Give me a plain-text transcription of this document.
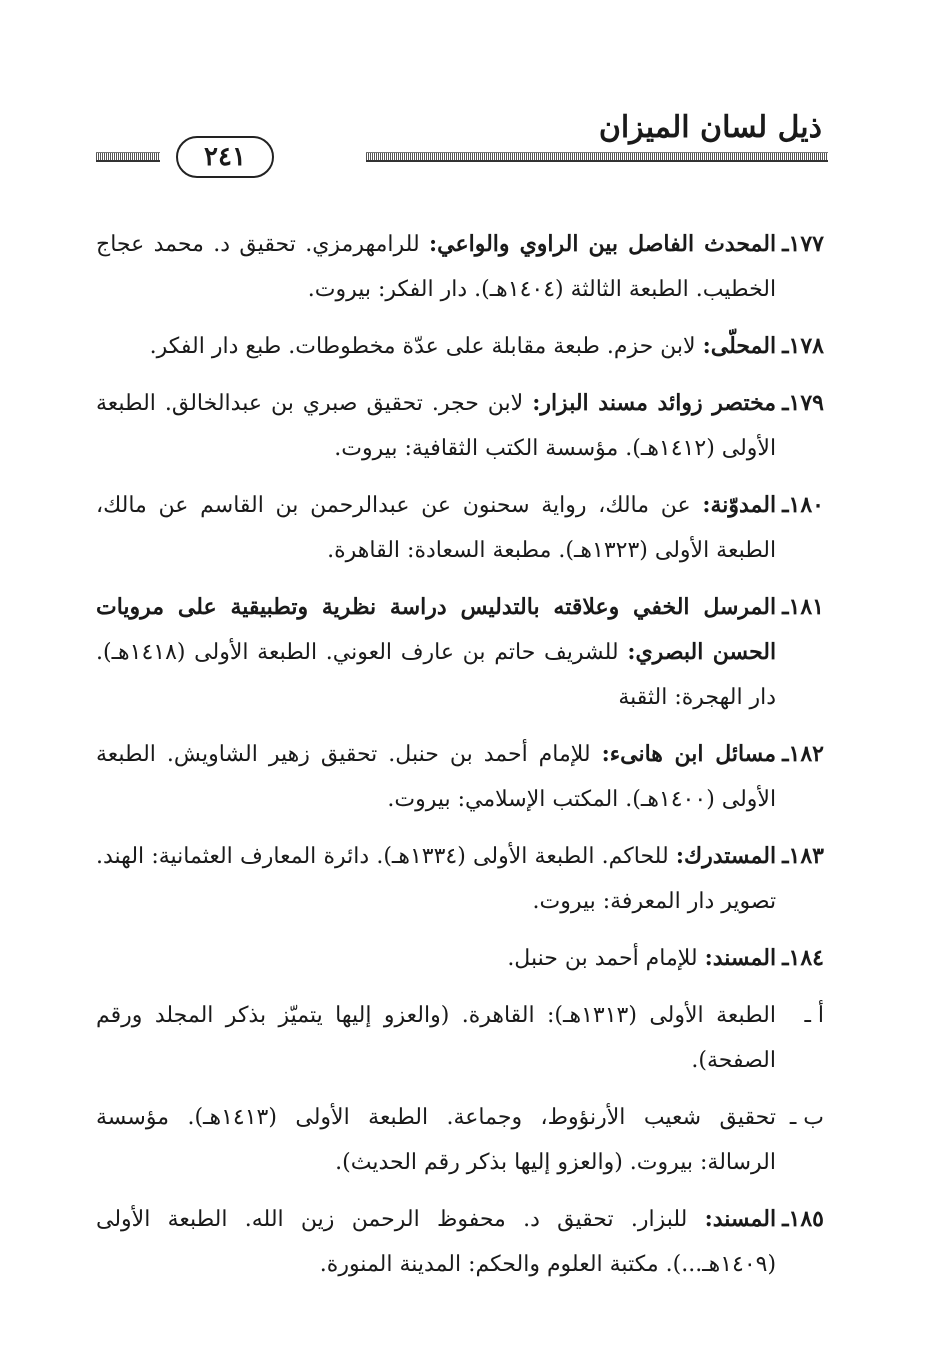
ذيل لسان الميزان
٢٤١
١٧٧ـ
المحدث الفاصل بين الراوي والواعي: للرامهرمزي. تحقيق د. محمد عجاج الخطيب. الطبعة الثالثة (١٤٠٤هـ). دار الفكر: بيروت.
١٧٨ـ
المحلّى: لابن حزم. طبعة مقابلة على عدّة مخطوطات. طبع دار الفكر.
١٧٩ـ
مختصر زوائد مسند البزار: لابن حجر. تحقيق صبري بن عبدالخالق. الطبعة الأولى (١٤١٢هـ). مؤسسة الكتب الثقافية: بيروت.
١٨٠ـ
المدوّنة: عن مالك، رواية سحنون عن عبدالرحمن بن القاسم عن مالك، الطبعة الأولى (١٣٢٣هـ). مطبعة السعادة: القاهرة.
١٨١ـ
المرسل الخفي وعلاقته بالتدليس دراسة نظرية وتطبيقية على مرويات الحسن البصري: للشريف حاتم بن عارف العوني. الطبعة الأولى (١٤١٨هـ). دار الهجرة: الثقبة
١٨٢ـ
مسائل ابن هانىء: للإمام أحمد بن حنبل. تحقيق زهير الشاويش. الطبعة الأولى (١٤٠٠هـ). المكتب الإسلامي: بيروت.
١٨٣ـ
المستدرك: للحاكم. الطبعة الأولى (١٣٣٤هـ). دائرة المعارف العثمانية: الهند. تصوير دار المعرفة: بيروت.
١٨٤ـ
المسند: للإمام أحمد بن حنبل.
أ ـ
الطبعة الأولى (١٣١٣هـ): القاهرة. (والعزو إليها يتميّز بذكر المجلد ورقم الصفحة).
ب ـ
تحقيق شعيب الأرنؤوط، وجماعة. الطبعة الأولى (١٤١٣هـ). مؤسسة الرسالة: بيروت. (والعزو إليها بذكر رقم الحديث).
١٨٥ـ
المسند: للبزار. تحقيق د. محفوظ الرحمن زين الله. الطبعة الأولى (١٤٠٩هـ...). مكتبة العلوم والحكم: المدينة المنورة.
